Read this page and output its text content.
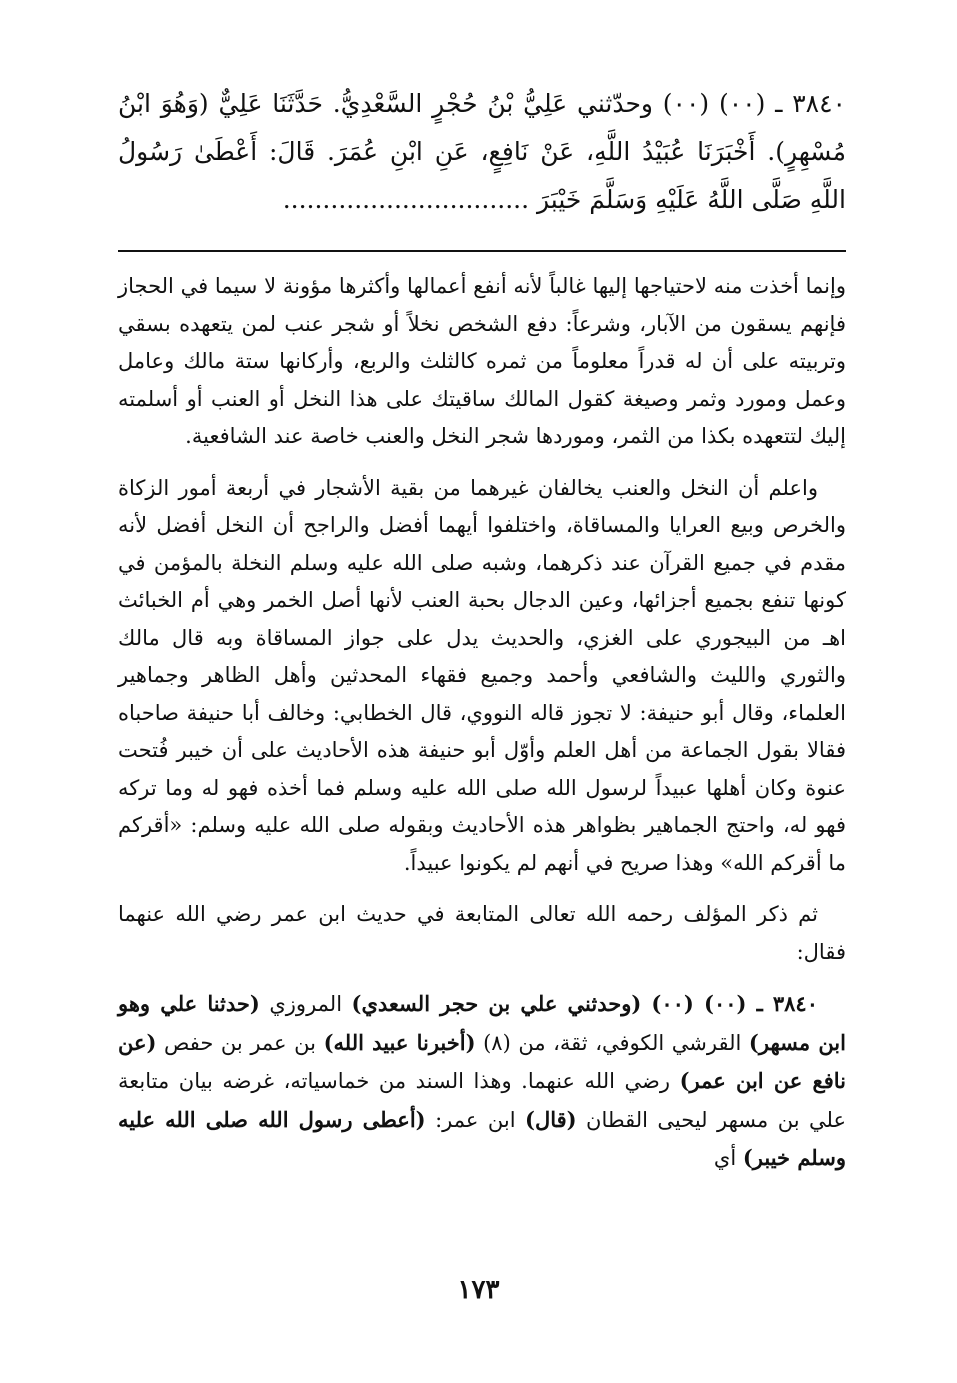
٣٨٤٠ ـ (٠٠) (٠٠) وحدّثني عَلِيُّ بْنُ حُجْرٍ السَّعْدِيُّ. حَدَّثَنَا عَلِيٌّ (وَهُوَ ابْنُ مُسْهِرٍ). أَخْبَرَنَا عُبَيْدُ اللَّهِ، عَنْ نَافِعٍ، عَنِ ابْنِ عُمَرَ. قَالَ: أَعْطَىٰ رَسُولُ اللَّهِ صَلَّى اللَّهُ عَلَيْهِ وَسَلَّمَ خَيْبَرَ ...............................

وإنما أخذت منه لاحتياجها إليها غالباً لأنه أنفع أعمالها وأكثرها مؤونة لا سيما في الحجاز فإنهم يسقون من الآبار، وشرعاً: دفع الشخص نخلاً أو شجر عنب لمن يتعهده بسقي وتربيته على أن له قدراً معلوماً من ثمره كالثلث والربع، وأركانها ستة مالك وعامل وعمل ومورد وثمر وصيغة كقول المالك ساقيتك على هذا النخل أو العنب أو أسلمته إليك لتتعهده بكذا من الثمر، وموردها شجر النخل والعنب خاصة عند الشافعية.

واعلم أن النخل والعنب يخالفان غيرهما من بقية الأشجار في أربعة أمور الزكاة والخرص وبيع العرايا والمساقاة، واختلفوا أيهما أفضل والراجح أن النخل أفضل لأنه مقدم في جميع القرآن عند ذكرهما، وشبه صلى الله عليه وسلم النخلة بالمؤمن في كونها تنفع بجميع أجزائها، وعين الدجال بحبة العنب لأنها أصل الخمر وهي أم الخبائث اهـ من البيجوري على الغزي، والحديث يدل على جواز المساقاة وبه قال مالك والثوري والليث والشافعي وأحمد وجميع فقهاء المحدثين وأهل الظاهر وجماهير العلماء، وقال أبو حنيفة: لا تجوز قاله النووي، قال الخطابي: وخالف أبا حنيفة صاحباه فقالا بقول الجماعة من أهل العلم وأوّل أبو حنيفة هذه الأحاديث على أن خيبر فُتحت عنوة وكان أهلها عبيداً لرسول الله صلى الله عليه وسلم فما أخذه فهو له وما تركه فهو له، واحتج الجماهير بظواهر هذه الأحاديث وبقوله صلى الله عليه وسلم: «أقركم ما أقركم الله» وهذا صريح في أنهم لم يكونوا عبيداً.

ثم ذكر المؤلف رحمه الله تعالى المتابعة في حديث ابن عمر رضي الله عنهما فقال:

٣٨٤٠ ـ (٠٠) (٠٠) (وحدثني علي بن حجر السعدي) المروزي (حدثنا علي وهو ابن مسهر) القرشي الكوفي، ثقة، من (٨) (أخبرنا عبيد الله) بن عمر بن حفص (عن نافع عن ابن عمر) رضي الله عنهما. وهذا السند من خماسياته، غرضه بيان متابعة علي بن مسهر ليحيى القطان (قال) ابن عمر: (أعطى رسول الله صلى الله عليه وسلم خيبر) أي

١٧٣
